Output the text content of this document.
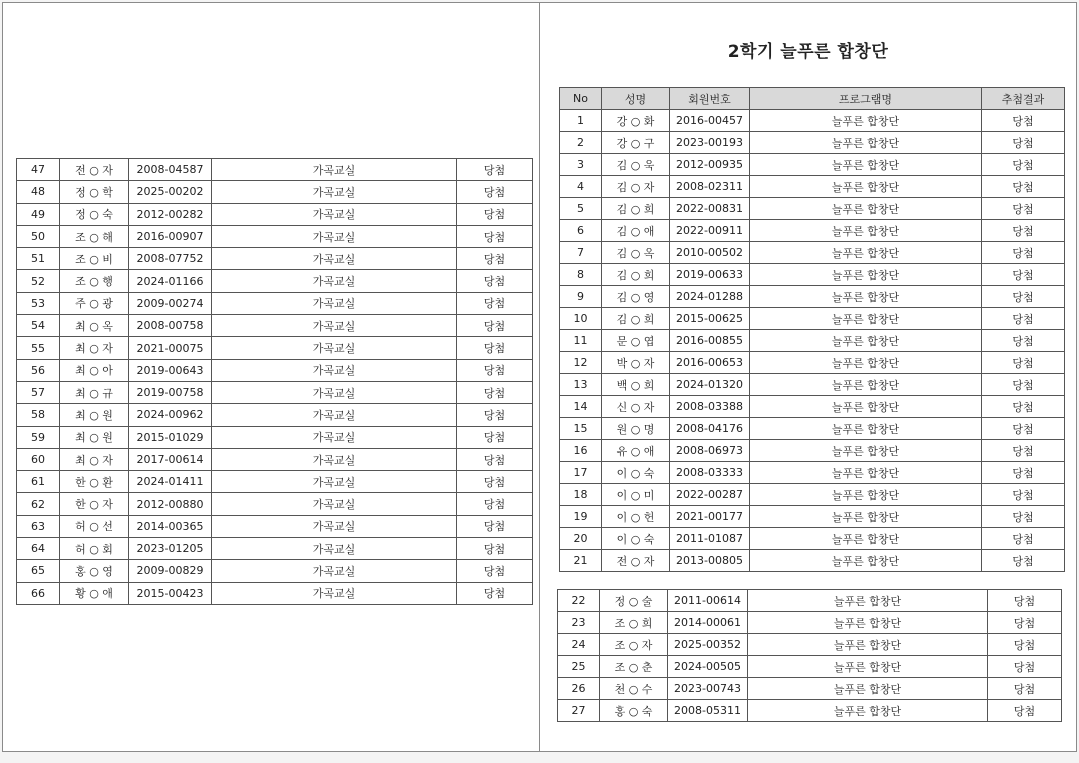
47	전 ○ 자	2008-04587	가곡교실	당첨
48	정 ○ 학	2025-00202	가곡교실	당첨
49	정 ○ 숙	2012-00282	가곡교실	당첨
50	조 ○ 해	2016-00907	가곡교실	당첨
51	조 ○ 비	2008-07752	가곡교실	당첨
52	조 ○ 행	2024-01166	가곡교실	당첨
53	주 ○ 광	2009-00274	가곡교실	당첨
54	최 ○ 옥	2008-00758	가곡교실	당첨
55	최 ○ 자	2021-00075	가곡교실	당첨
56	최 ○ 아	2019-00643	가곡교실	당첨
57	최 ○ 규	2019-00758	가곡교실	당첨
58	최 ○ 원	2024-00962	가곡교실	당첨
59	최 ○ 원	2015-01029	가곡교실	당첨
60	최 ○ 자	2017-00614	가곡교실	당첨
61	한 ○ 환	2024-01411	가곡교실	당첨
62	한 ○ 자	2012-00880	가곡교실	당첨
63	허 ○ 선	2014-00365	가곡교실	당첨
64	허 ○ 회	2023-01205	가곡교실	당첨
65	홍 ○ 영	2009-00829	가곡교실	당첨
66	황 ○ 애	2015-00423	가곡교실	당첨
2학기 늘푸른 합창단
No	성명	회원번호	프로그램명	추첨결과
1	강 ○ 화	2016-00457	늘푸른 합창단	당첨
2	강 ○ 구	2023-00193	늘푸른 합창단	당첨
3	김 ○ 욱	2012-00935	늘푸른 합창단	당첨
4	김 ○ 자	2008-02311	늘푸른 합창단	당첨
5	김 ○ 희	2022-00831	늘푸른 합창단	당첨
6	김 ○ 애	2022-00911	늘푸른 합창단	당첨
7	김 ○ 옥	2010-00502	늘푸른 합창단	당첨
8	김 ○ 희	2019-00633	늘푸른 합창단	당첨
9	김 ○ 영	2024-01288	늘푸른 합창단	당첨
10	김 ○ 희	2015-00625	늘푸른 합창단	당첨
11	문 ○ 엽	2016-00855	늘푸른 합창단	당첨
12	박 ○ 자	2016-00653	늘푸른 합창단	당첨
13	백 ○ 희	2024-01320	늘푸른 합창단	당첨
14	신 ○ 자	2008-03388	늘푸른 합창단	당첨
15	원 ○ 명	2008-04176	늘푸른 합창단	당첨
16	유 ○ 애	2008-06973	늘푸른 합창단	당첨
17	이 ○ 숙	2008-03333	늘푸른 합창단	당첨
18	이 ○ 미	2022-00287	늘푸른 합창단	당첨
19	이 ○ 헌	2021-00177	늘푸른 합창단	당첨
20	이 ○ 숙	2011-01087	늘푸른 합창단	당첨
21	전 ○ 자	2013-00805	늘푸른 합창단	당첨
22	정 ○ 술	2011-00614	늘푸른 합창단	당첨
23	조 ○ 희	2014-00061	늘푸른 합창단	당첨
24	조 ○ 자	2025-00352	늘푸른 합창단	당첨
25	조 ○ 춘	2024-00505	늘푸른 합창단	당첨
26	천 ○ 수	2023-00743	늘푸른 합창단	당첨
27	홍 ○ 숙	2008-05311	늘푸른 합창단	당첨
